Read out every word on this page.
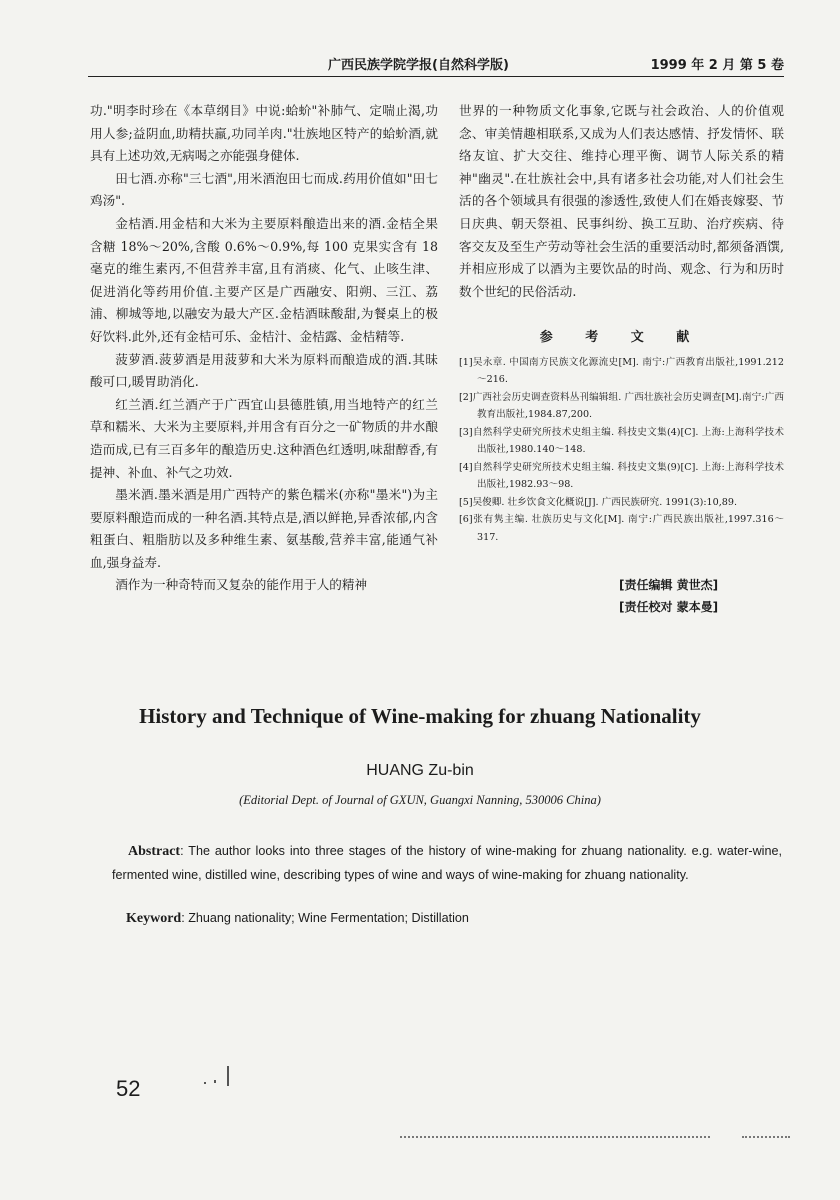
广西民族学院学报(自然科学版)	1999 年 2 月 第 5 卷

功."明李时珍在《本草纲目》中说:蛤蚧"补肺气、定喘止渴,功用人参;益阴血,助精扶羸,功同羊肉."壮族地区特产的蛤蚧酒,就具有上述功效,无病喝之亦能强身健体.

田七酒.亦称"三七酒",用米酒泡田七而成.药用价值如"田七鸡汤".

金桔酒.用金桔和大米为主要原料酿造出来的酒.金桔全果含糖 18%～20%,含酸 0.6%～0.9%,每 100 克果实含有 18 毫克的维生素丙,不但营养丰富,且有消痰、化气、止咳生津、促进消化等药用价值.主要产区是广西融安、阳朔、三江、荔浦、柳城等地,以融安为最大产区.金桔酒昧酸甜,为餐桌上的极好饮料.此外,还有金桔可乐、金桔汁、金桔露、金桔精等.

菠萝酒.菠萝酒是用菠萝和大米为原料而酿造成的酒.其昧酸可口,暖胃助消化.

红兰酒.红兰酒产于广西宜山县德胜镇,用当地特产的红兰草和糯米、大米为主要原料,并用含有百分之一矿物质的井水酿造而成,已有三百多年的酿造历史.这种酒色红透明,味甜醇香,有提神、补血、补气之功效.

墨米酒.墨米酒是用广西特产的紫色糯米(亦称"墨米")为主要原料酿造而成的一种名酒.其特点是,酒以鲜艳,异香浓郁,内含粗蛋白、粗脂肪以及多种维生素、氨基酸,营养丰富,能通气补血,强身益寿.

酒作为一种奇特而又复杂的能作用于人的精神

世界的一种物质文化事象,它既与社会政治、人的价值观念、审美情趣相联系,又成为人们表达感情、抒发情怀、联络友谊、扩大交往、维持心理平衡、调节人际关系的精神"幽灵".在壮族社会中,具有诸多社会功能,对人们社会生活的各个领域具有很强的渗透性,致使人们在婚丧嫁娶、节日庆典、朝天祭祖、民事纠纷、换工互助、治疗疾病、待客交友及至生产劳动等社会生活的重要活动时,都须备酒馔,并相应形成了以酒为主要饮品的时尚、观念、行为和历时数个世纪的民俗活动.

参 考 文 献
[1]吴永章. 中国南方民族文化源流史[M]. 南宁:广西教育出版社,1991.212～216.
[2]广西社会历史调查资料丛刊编辑组. 广西壮族社会历史调查[M].南宁:广西教育出版社,1984.87,200.
[3]自然科学史研究所技术史组主编. 科技史文集(4)[C]. 上海:上海科学技术出版社,1980.140～148.
[4]自然科学史研究所技术史组主编. 科技史文集(9)[C]. 上海:上海科学技术出版社,1982.93～98.
[5]吴俊卿. 壮乡饮食文化概说[J]. 广西民族研究. 1991(3):10,89.
[6]张有隽主编. 壮族历史与文化[M]. 南宁:广西民族出版社,1997.316～317.
[责任编辑 黄世杰]
[责任校对 蒙本曼]
History and Technique of Wine-making for zhuang Nationality
HUANG Zu-bin
(Editorial Dept. of Journal of GXUN, Guangxi Nanning, 530006 China)
Abstract: The author looks into three stages of the history of wine-making for zhuang nationality. e.g. water-wine, fermented wine, distilled wine, describing types of wine and ways of wine-making for zhuang nationality.
Keyword: Zhuang nationality; Wine Fermentation; Distillation
52
